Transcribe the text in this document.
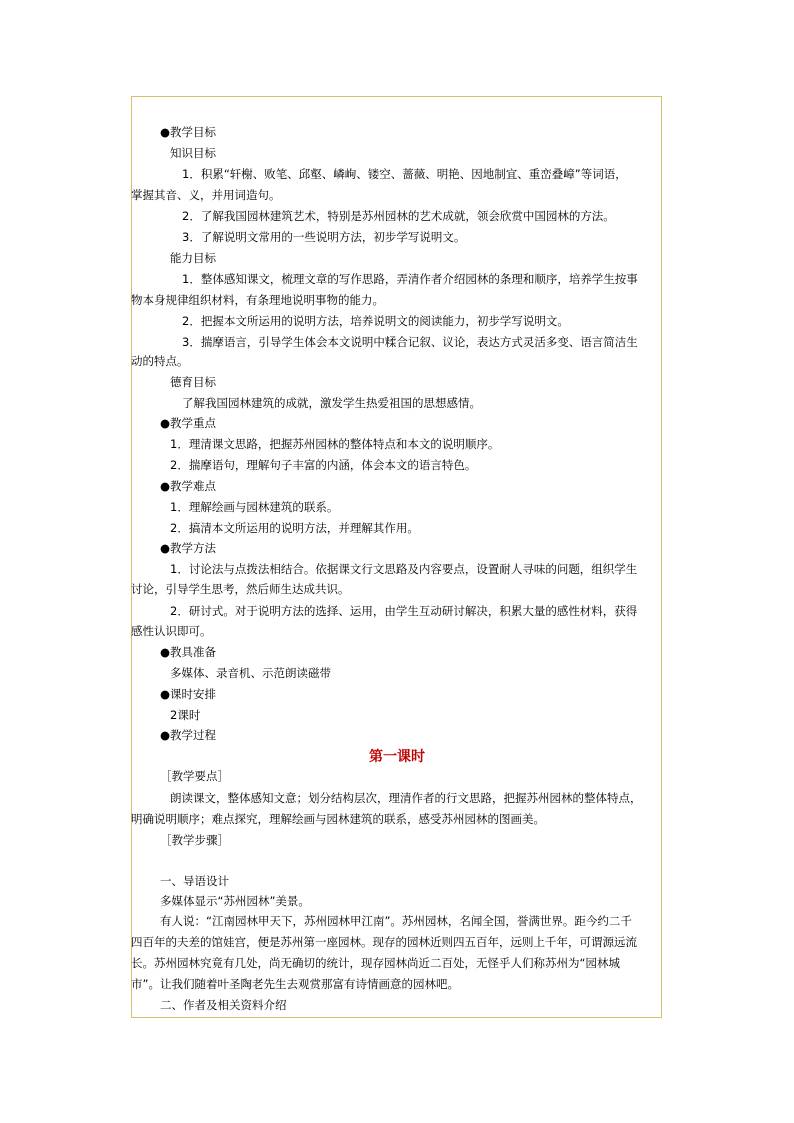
●教学目标
知识目标
1．积累“轩榭、败笔、邱壑、嶙峋、镂空、蔷薇、明艳、因地制宜、重峦叠嶂”等词语，
掌握其音、义，并用词造句。
2．了解我国园林建筑艺术，特别是苏州园林的艺术成就，领会欣赏中国园林的方法。
3．了解说明文常用的一些说明方法，初步学写说明文。
能力目标
1．整体感知课文，梳理文章的写作思路，弄清作者介绍园林的条理和顺序，培养学生按事
物本身规律组织材料，有条理地说明事物的能力。
2．把握本文所运用的说明方法，培养说明文的阅读能力，初步学写说明文。
3．揣摩语言，引导学生体会本文说明中糅合记叙、议论，表达方式灵活多变、语言简洁生
动的特点。
德育目标
了解我国园林建筑的成就，激发学生热爱祖国的思想感情。
●教学重点
1．理清课文思路，把握苏州园林的整体特点和本文的说明顺序。
2．揣摩语句，理解句子丰富的内涵，体会本文的语言特色。
●教学难点
1．理解绘画与园林建筑的联系。
2．搞清本文所运用的说明方法，并理解其作用。
●教学方法
1．讨论法与点拨法相结合。依据课文行文思路及内容要点，设置耐人寻味的问题，组织学生
讨论，引导学生思考，然后师生达成共识。
2．研讨式。对于说明方法的选择、运用，由学生互动研讨解决，积累大量的感性材料，获得
感性认识即可。
●教具准备
多媒体、录音机、示范朗读磁带
●课时安排
2课时
●教学过程
第一课时
［教学要点］
朗读课文，整体感知文意；划分结构层次，理清作者的行文思路，把握苏州园林的整体特点，
明确说明顺序；难点探究，理解绘画与园林建筑的联系，感受苏州园林的图画美。
［教学步骤］
一、导语设计
多媒体显示“苏州园林”美景。
有人说：“江南园林甲天下，苏州园林甲江南”。苏州园林，名闻全国，誉满世界。距今约二千
四百年的夫差的馆娃宫，便是苏州第一座园林。现存的园林近则四五百年，远则上千年，可谓源远流
长。苏州园林究竟有几处，尚无确切的统计，现存园林尚近二百处，无怪乎人们称苏州为“园林城
市”。让我们随着叶圣陶老先生去观赏那富有诗情画意的园林吧。
二、作者及相关资料介绍
